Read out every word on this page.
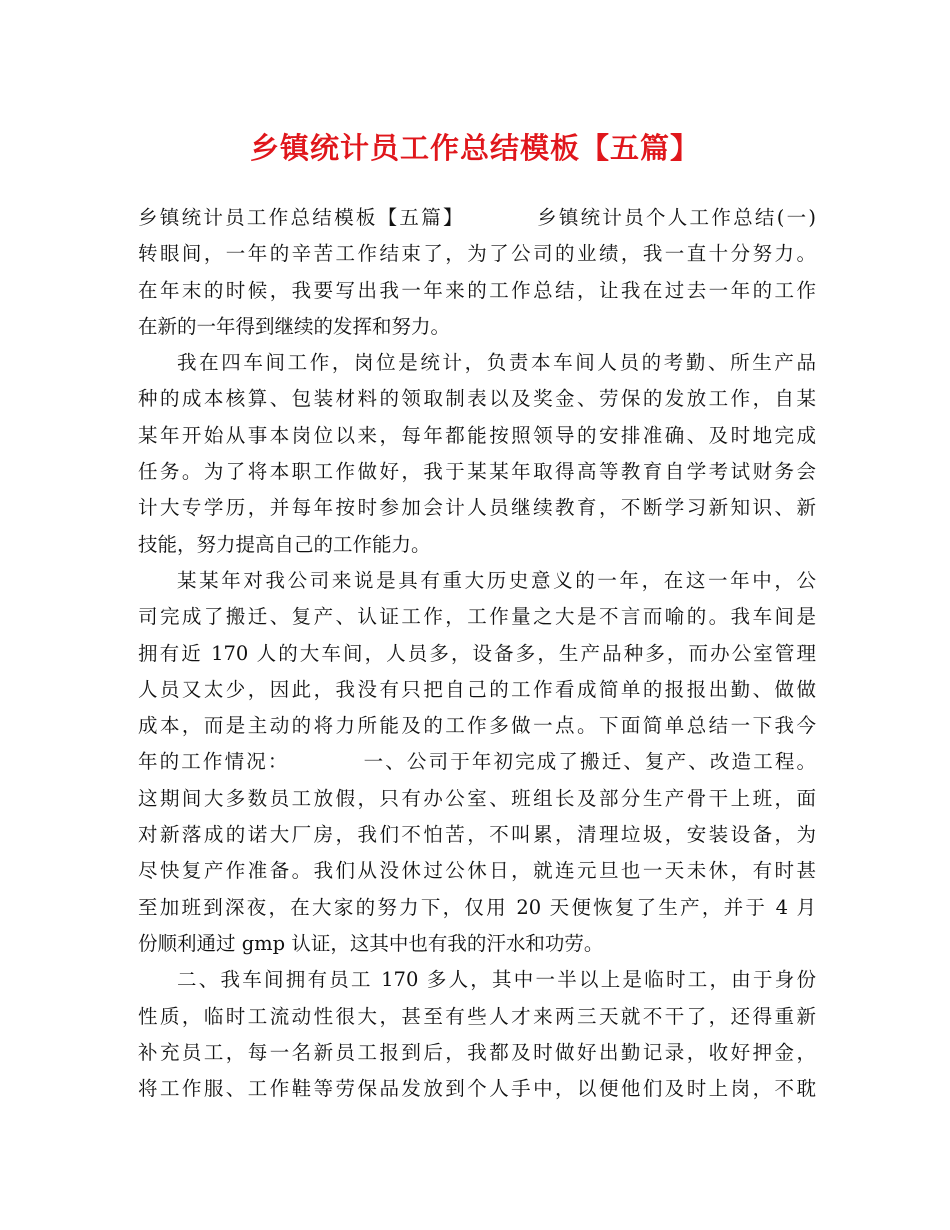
乡镇统计员工作总结模板【五篇】
乡镇统计员工作总结模板【五篇】	乡镇统计员个人工作总结(一)
转眼间，一年的辛苦工作结束了，为了公司的业绩，我一直十分努力。
在年末的时候，我要写出我一年来的工作总结，让我在过去一年的工作
在新的一年得到继续的发挥和努力。
我在四车间工作，岗位是统计，负责本车间人员的考勤、所生产品
种的成本核算、包装材料的领取制表以及奖金、劳保的发放工作，自某
某年开始从事本岗位以来，每年都能按照领导的安排准确、及时地完成
任务。为了将本职工作做好，我于某某年取得高等教育自学考试财务会
计大专学历，并每年按时参加会计人员继续教育，不断学习新知识、新
技能，努力提高自己的工作能力。
某某年对我公司来说是具有重大历史意义的一年，在这一年中，公
司完成了搬迁、复产、认证工作，工作量之大是不言而喻的。我车间是
拥有近 170 人的大车间，人员多，设备多，生产品种多，而办公室管理
人员又太少，因此，我没有只把自己的工作看成简单的报报出勤、做做
成本，而是主动的将力所能及的工作多做一点。下面简单总结一下我今
年的工作情况：	一、公司于年初完成了搬迁、复产、改造工程。
这期间大多数员工放假，只有办公室、班组长及部分生产骨干上班，面
对新落成的诺大厂房，我们不怕苦，不叫累，清理垃圾，安装设备，为
尽快复产作准备。我们从没休过公休日，就连元旦也一天未休，有时甚
至加班到深夜，在大家的努力下，仅用 20 天便恢复了生产，并于 4 月
份顺利通过 gmp 认证，这其中也有我的汗水和功劳。
二、我车间拥有员工 170 多人，其中一半以上是临时工，由于身份
性质，临时工流动性很大，甚至有些人才来两三天就不干了，还得重新
补充员工，每一名新员工报到后，我都及时做好出勤记录，收好押金，
将工作服、工作鞋等劳保品发放到个人手中，以便他们及时上岗，不耽
